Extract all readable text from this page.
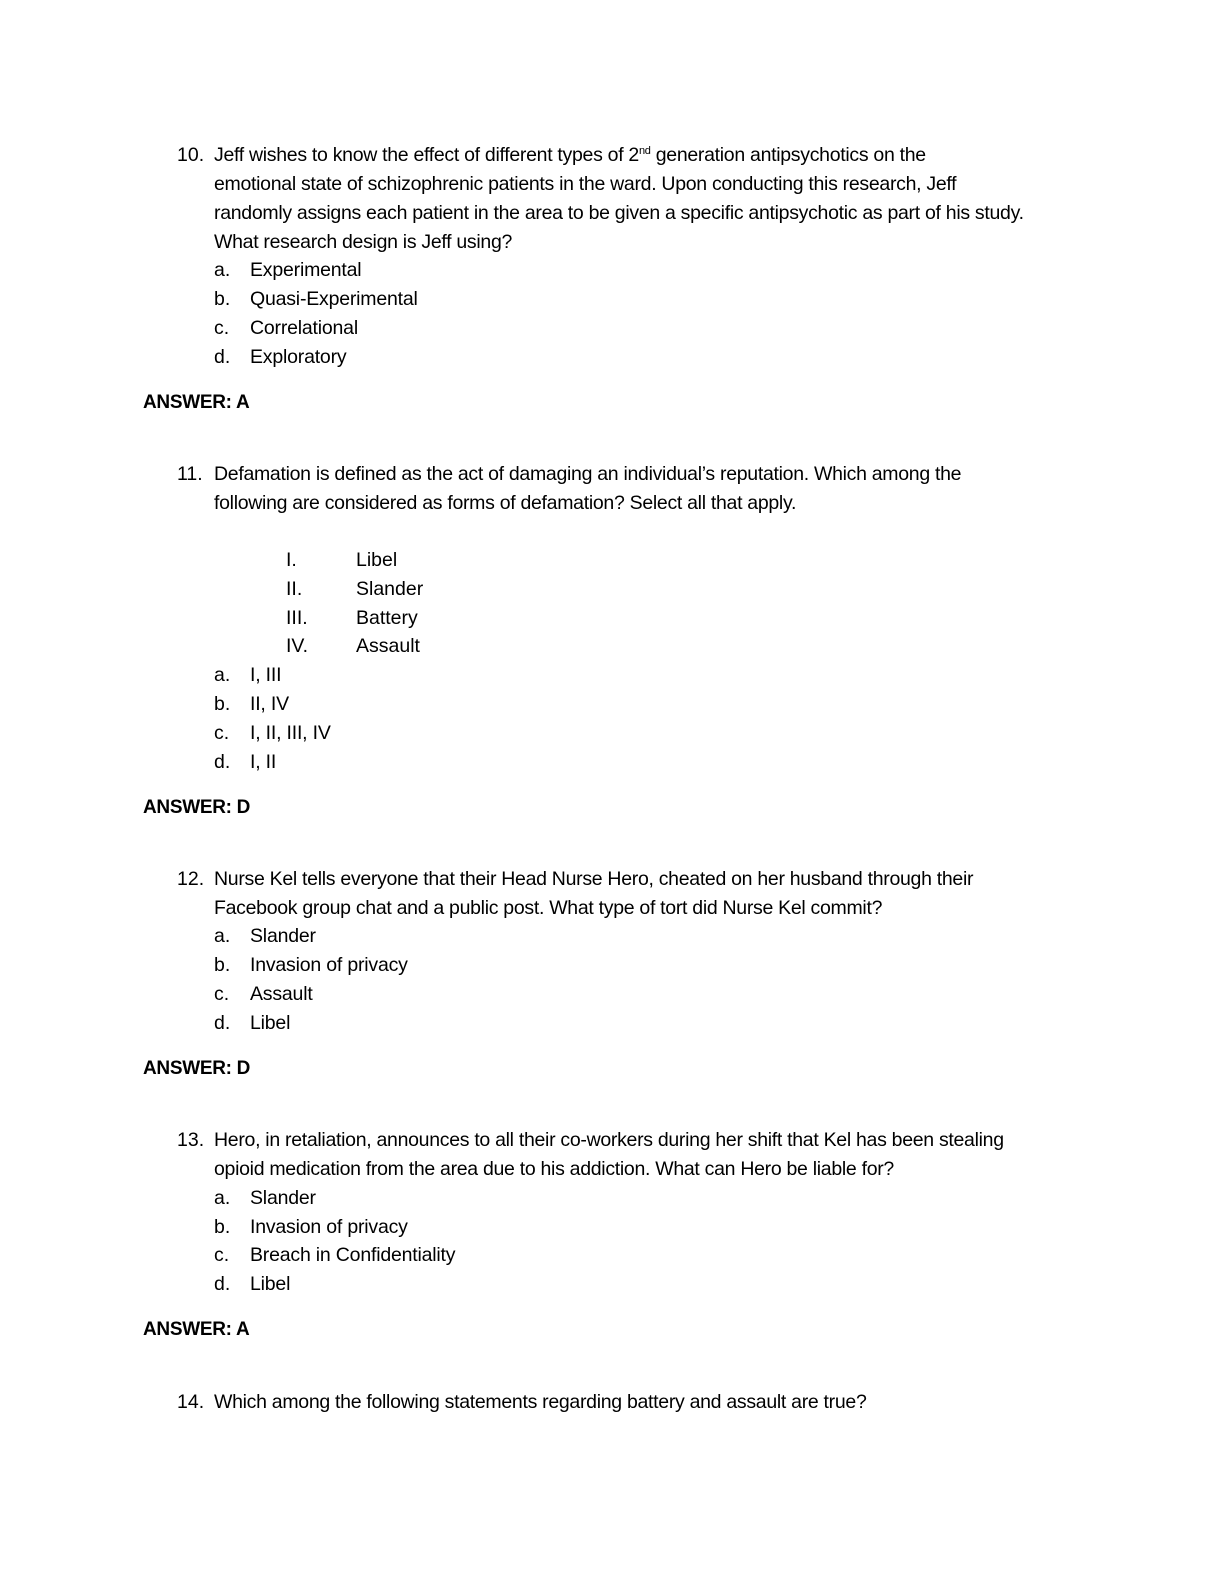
10. Jeff wishes to know the effect of different types of 2nd generation antipsychotics on the
emotional state of schizophrenic patients in the ward. Upon conducting this research, Jeff
randomly assigns each patient in the area to be given a specific antipsychotic as part of his study.
What research design is Jeff using?
a. Experimental
b. Quasi-Experimental
c. Correlational
d. Exploratory
ANSWER: A
11. Defamation is defined as the act of damaging an individual’s reputation. Which among the
following are considered as forms of defamation? Select all that apply.
I.	Libel
II.	Slander
III. Battery
IV. Assault
a. I, III
b. II, IV
c. I, II, III, IV
d. I, II
ANSWER: D
12. Nurse Kel tells everyone that their Head Nurse Hero, cheated on her husband through their
Facebook group chat and a public post. What type of tort did Nurse Kel commit?
a. Slander
b. Invasion of privacy
c. Assault
d. Libel
ANSWER: D
13. Hero, in retaliation, announces to all their co-workers during her shift that Kel has been stealing
opioid medication from the area due to his addiction. What can Hero be liable for?
a. Slander
b. Invasion of privacy
c. Breach in Confidentiality
d. Libel
ANSWER: A
14. Which among the following statements regarding battery and assault are true?
